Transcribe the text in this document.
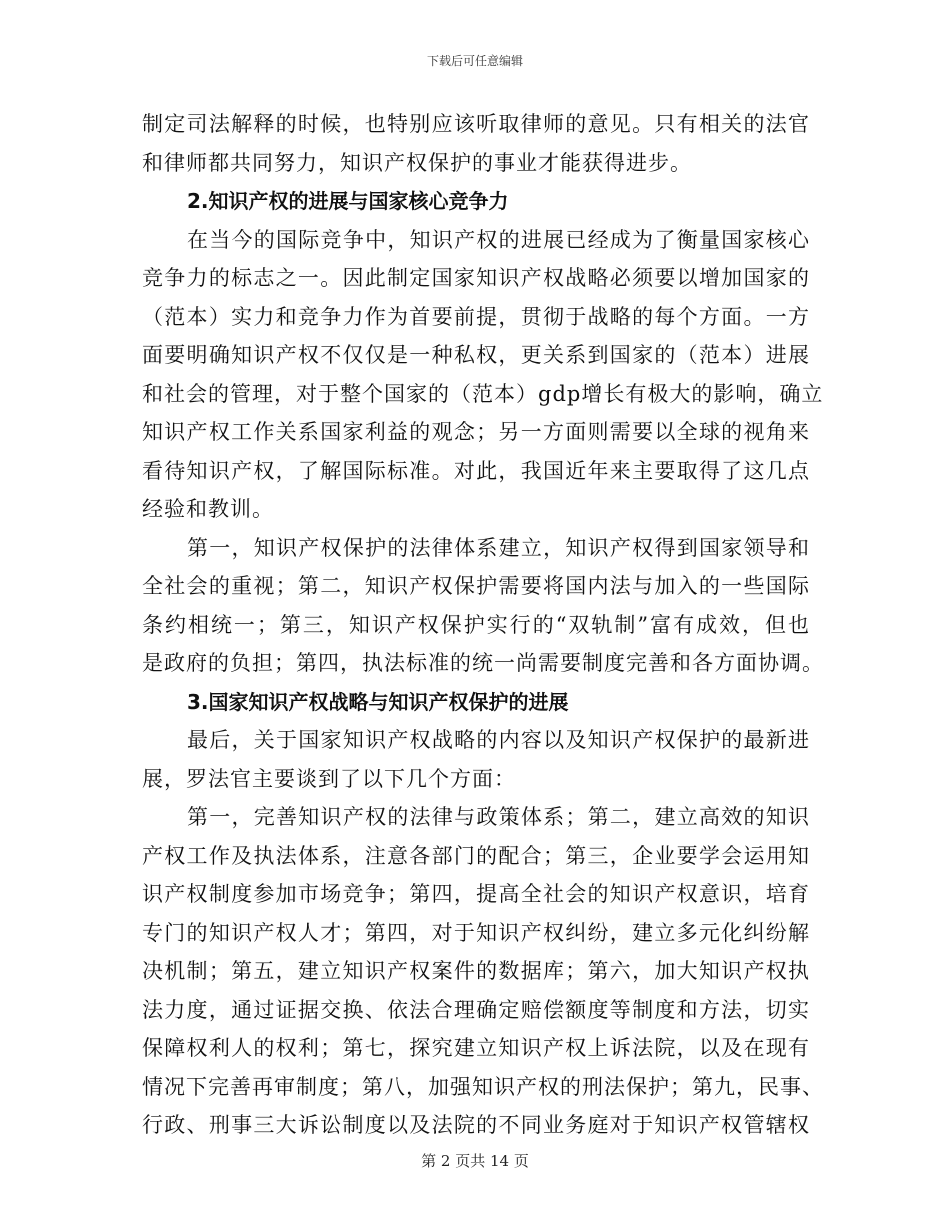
下载后可任意编辑
制定司法解释的时候，也特别应该听取律师的意见。只有相关的法官
和律师都共同努力，知识产权保护的事业才能获得进步。
2.知识产权的进展与国家核心竞争力
在当今的国际竞争中，知识产权的进展已经成为了衡量国家核心
竞争力的标志之一。因此制定国家知识产权战略必须要以增加国家的
（范本）实力和竞争力作为首要前提，贯彻于战略的每个方面。一方
面要明确知识产权不仅仅是一种私权，更关系到国家的（范本）进展
和社会的管理，对于整个国家的（范本）gdp增长有极大的影响，确立
知识产权工作关系国家利益的观念；另一方面则需要以全球的视角来
看待知识产权，了解国际标准。对此，我国近年来主要取得了这几点
经验和教训。
第一，知识产权保护的法律体系建立，知识产权得到国家领导和
全社会的重视；第二，知识产权保护需要将国内法与加入的一些国际
条约相统一；第三，知识产权保护实行的“双轨制”富有成效，但也
是政府的负担；第四，执法标准的统一尚需要制度完善和各方面协调。
3.国家知识产权战略与知识产权保护的进展
最后，关于国家知识产权战略的内容以及知识产权保护的最新进
展，罗法官主要谈到了以下几个方面：
第一，完善知识产权的法律与政策体系；第二，建立高效的知识
产权工作及执法体系，注意各部门的配合；第三，企业要学会运用知
识产权制度参加市场竞争；第四，提高全社会的知识产权意识，培育
专门的知识产权人才；第四，对于知识产权纠纷，建立多元化纠纷解
决机制；第五，建立知识产权案件的数据库；第六，加大知识产权执
法力度，通过证据交换、依法合理确定赔偿额度等制度和方法，切实
保障权利人的权利；第七，探究建立知识产权上诉法院，以及在现有
情况下完善再审制度；第八，加强知识产权的刑法保护；第九，民事、
行政、刑事三大诉讼制度以及法院的不同业务庭对于知识产权管辖权
第 2 页共 14 页
